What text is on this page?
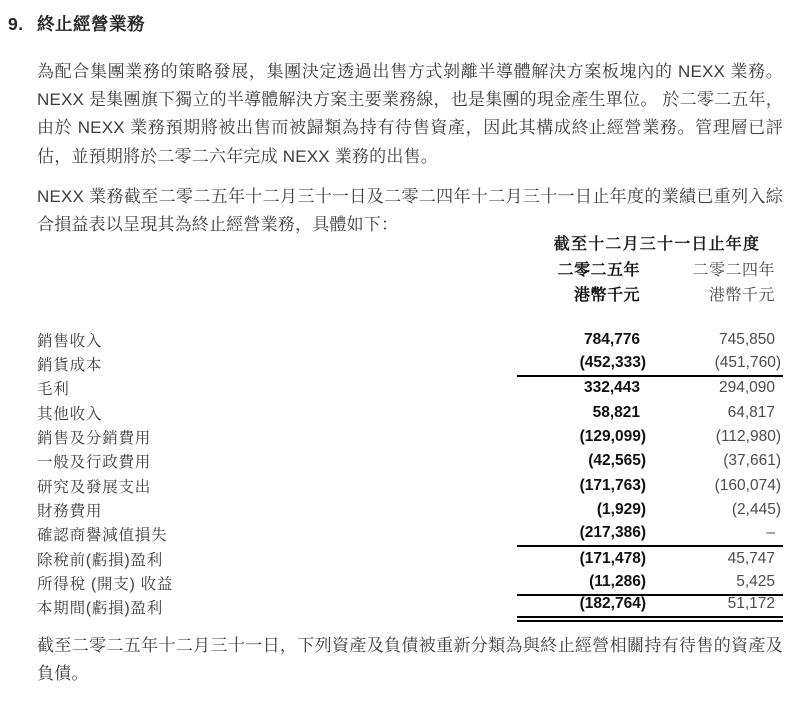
9. 終止經營業務
為配合集團業務的策略發展，集團決定透過出售方式剝離半導體解決方案板塊內的 NEXX 業務。 NEXX 是集團旗下獨立的半導體解決方案主要業務線，也是集團的現金產生單位。 於二零二五年，由於 NEXX 業務預期將被出售而被歸類為持有待售資產，因此其構成終止經營業務。管理層已評估，並預期將於二零二六年完成 NEXX 業務的出售。
NEXX 業務截至二零二五年十二月三十一日及二零二四年十二月三十一日止年度的業績已重列入綜合損益表以呈現其為終止經營業務，具體如下：
截至十二月三十一日止年度
二零二五年	二零二四年
港幣千元	港幣千元
銷售收入	784,776	745,850
銷貨成本	(452,333)	(451,760)
毛利	332,443	294,090
其他收入	58,821	64,817
銷售及分銷費用	(129,099)	(112,980)
一般及行政費用	(42,565)	(37,661)
研究及發展支出	(171,763)	(160,074)
財務費用	(1,929)	(2,445)
確認商譽減值損失	(217,386)	–
除稅前(虧損)盈利	(171,478)	45,747
所得稅 (開支) 收益	(11,286)	5,425
本期間(虧損)盈利	(182,764)	51,172
截至二零二五年十二月三十一日，下列資產及負債被重新分類為與終止經營相關持有待售的資產及負債。
